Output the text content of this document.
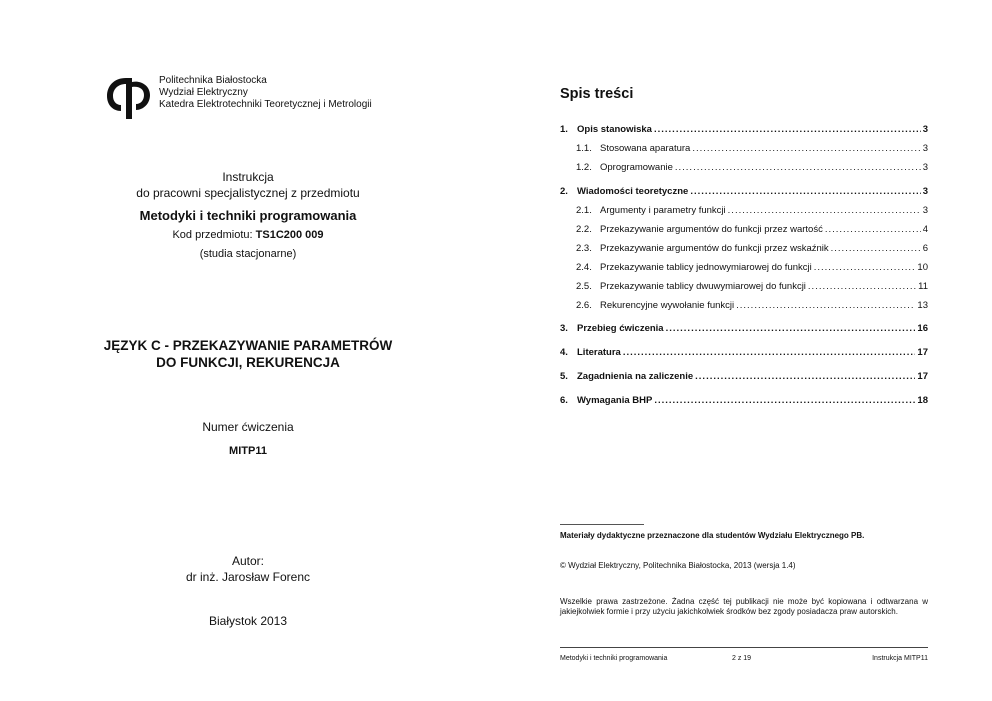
Politechnika Białostocka
Wydział Elektryczny
Katedra Elektrotechniki Teoretycznej i Metrologii
Instrukcja
do pracowni specjalistycznej z przedmiotu
Metodyki i techniki programowania
Kod przedmiotu: TS1C200 009
(studia stacjonarne)
JĘZYK C - PRZEKAZYWANIE PARAMETRÓW
DO FUNKCJI, REKURENCJA
Numer ćwiczenia
MITP11
Autor:
dr inż. Jarosław Forenc
Białystok 2013
Spis treści
1. Opis stanowiska .....	3
1.1. Stosowana aparatura .....	3
1.2. Oprogramowanie .....	3
2. Wiadomości teoretyczne .....	3
2.1. Argumenty i parametry funkcji .....	3
2.2. Przekazywanie argumentów do funkcji przez wartość .....	4
2.3. Przekazywanie argumentów do funkcji przez wskaźnik .....	6
2.4. Przekazywanie tablicy jednowymiarowej do funkcji .....	10
2.5. Przekazywanie tablicy dwuwymiarowej do funkcji .....	11
2.6. Rekurencyjne wywołanie funkcji .....	13
3. Przebieg ćwiczenia .....	16
4. Literatura .....	17
5. Zagadnienia na zaliczenie .....	17
6. Wymagania BHP .....	18
Materiały dydaktyczne przeznaczone dla studentów Wydziału Elektrycznego PB.
© Wydział Elektryczny, Politechnika Białostocka, 2013 (wersja 1.4)
Wszelkie prawa zastrzeżone. Żadna część tej publikacji nie może być kopiowana i odtwarzana w jakiejkolwiek formie i przy użyciu jakichkolwiek środków bez zgody posiadacza praw autorskich.
Metodyki i techniki programowania	2 z 19	Instrukcja MITP11
